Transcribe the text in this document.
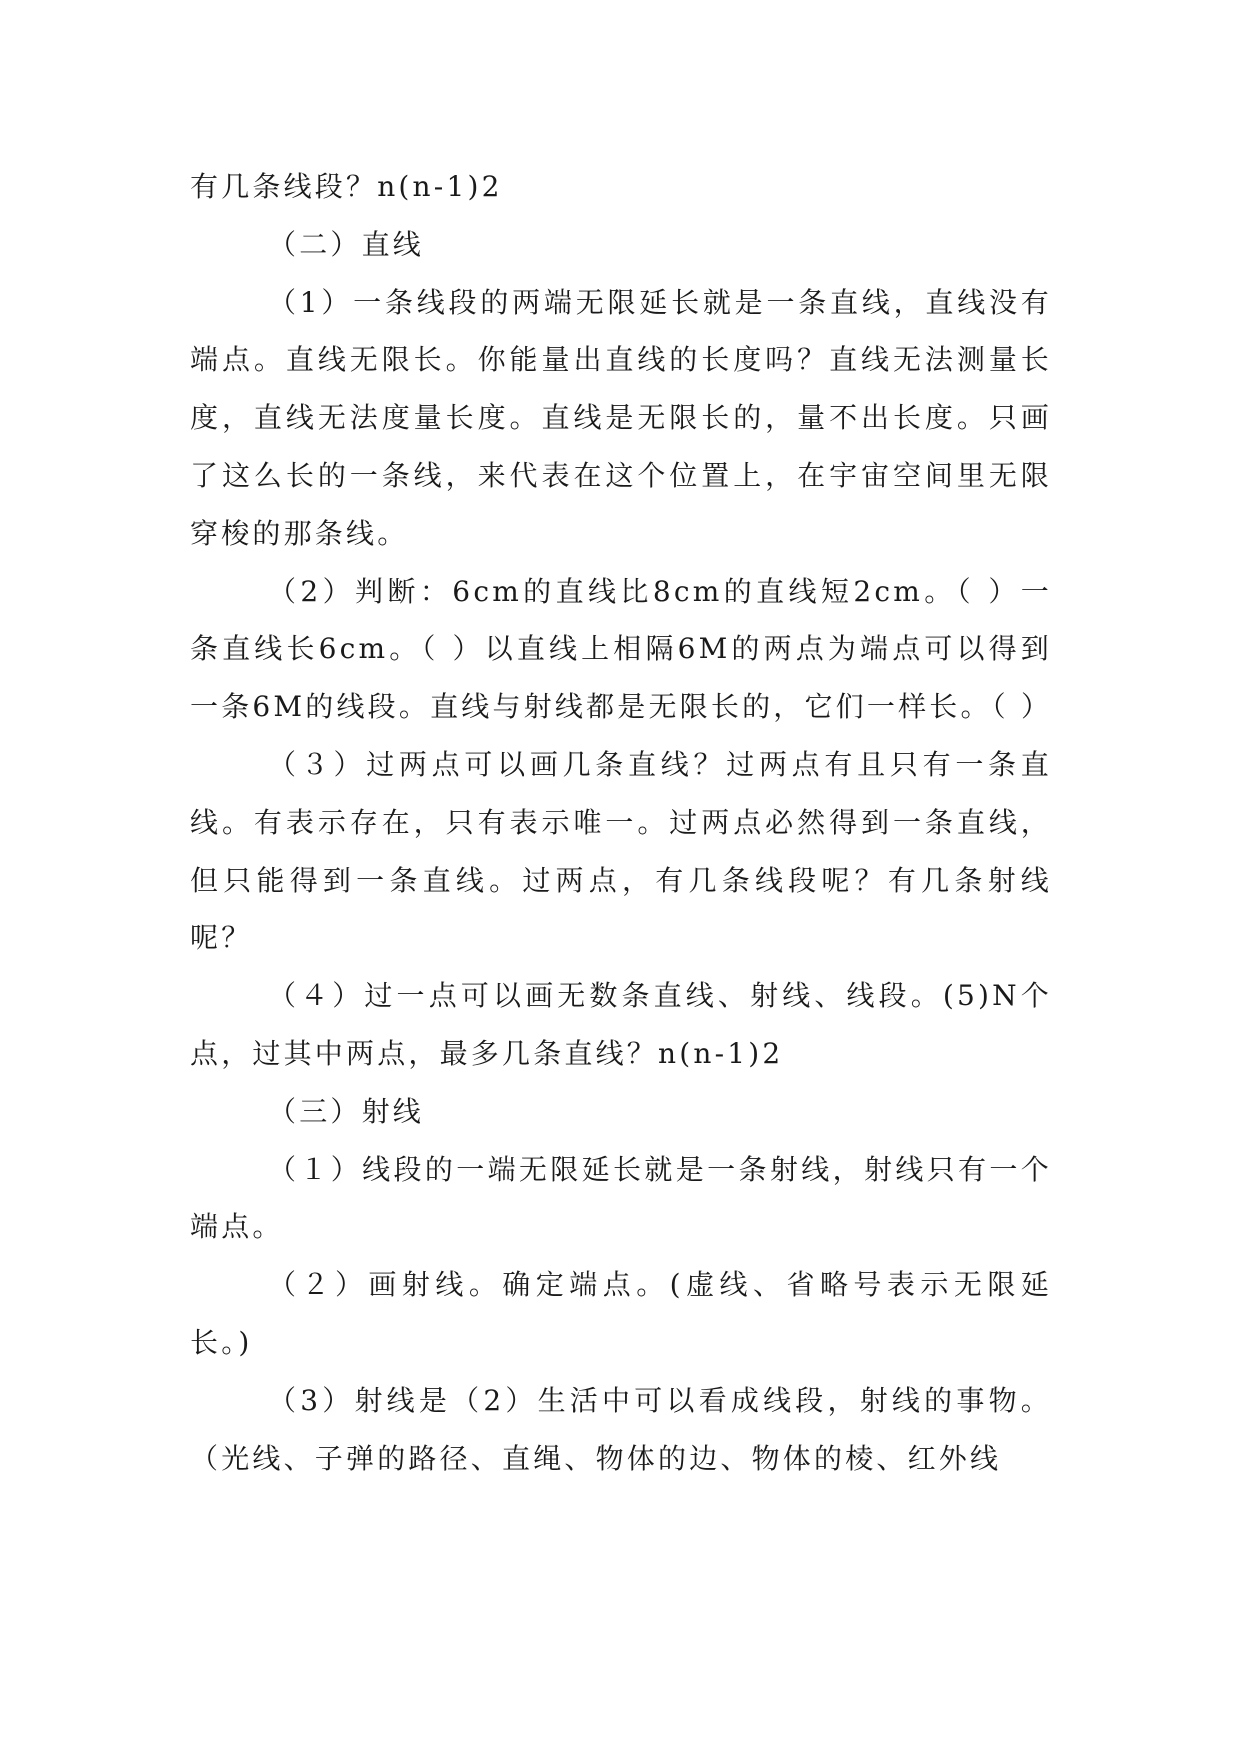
有几条线段？n(n-1)2

（二）直线

（1）一条线段的两端无限延长就是一条直线，直线没有端点。直线无限长。你能量出直线的长度吗？直线无法测量长度，直线无法度量长度。直线是无限长的，量不出长度。只画了这么长的一条线，来代表在这个位置上，在宇宙空间里无限穿梭的那条线。

（2）判断：6cm的直线比8cm的直线短2cm。（ ）一条直线长6cm。（ ）以直线上相隔6M的两点为端点可以得到一条6M的线段。直线与射线都是无限长的，它们一样长。（ ）

（３）过两点可以画几条直线？过两点有且只有一条直线。有表示存在，只有表示唯一。过两点必然得到一条直线，但只能得到一条直线。过两点，有几条线段呢？有几条射线呢？

（４）过一点可以画无数条直线、射线、线段。(5)N个点，过其中两点，最多几条直线？n(n-1)2

（三）射线

（１）线段的一端无限延长就是一条射线，射线只有一个端点。

（２）画射线。确定端点。(虚线、省略号表示无限延长。)

（3）射线是（2）生活中可以看成线段，射线的事物。（光线、子弹的路径、直绳、物体的边、物体的棱、红外线
